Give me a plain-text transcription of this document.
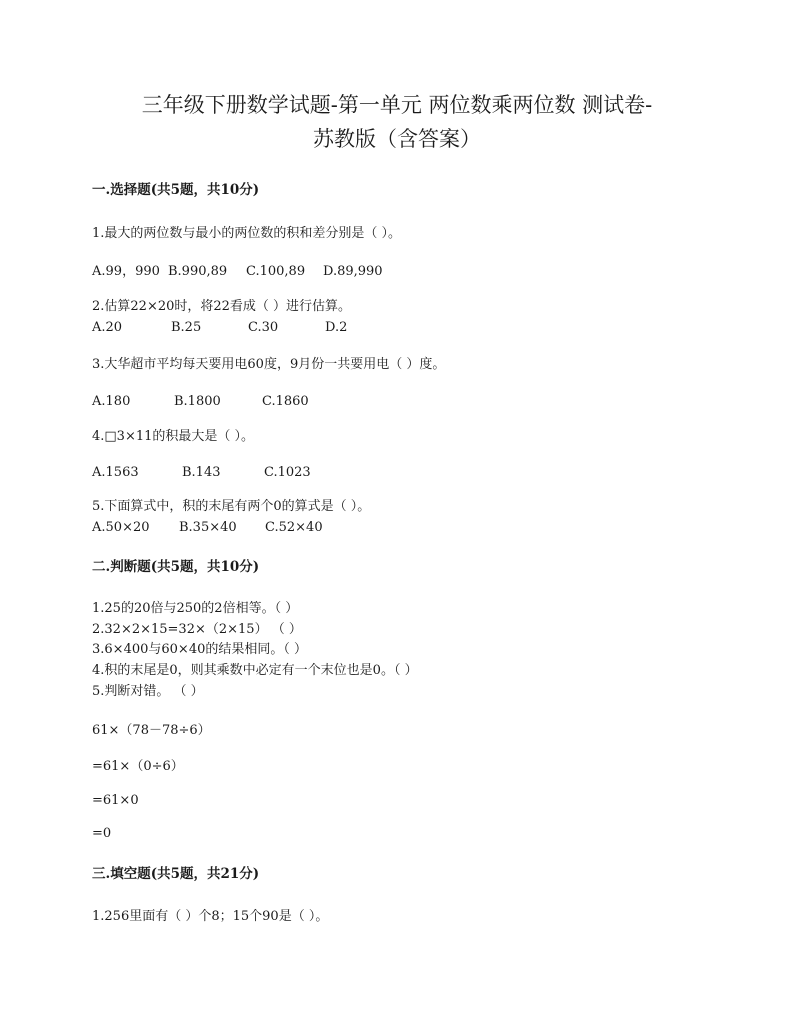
三年级下册数学试题-第一单元 两位数乘两位数 测试卷-
苏教版（含答案）
一.选择题(共5题，共10分)
1.最大的两位数与最小的两位数的积和差分别是（ ）。
A.99，990 B.990,89 C.100,89 D.89,990
2.估算22×20时，将22看成（ ）进行估算。
A.20	B.25	C.30	D.2
3.大华超市平均每天要用电60度，9月份一共要用电（ ）度。
A.180	B.1800	C.1860
4.□3×11的积最大是（ ）。
A.1563	B.143	C.1023
5.下面算式中，积的末尾有两个0的算式是（ ）。
A.50×20 B.35×40 C.52×40
二.判断题(共5题，共10分)
1.25的20倍与250的2倍相等。（ ）
2.32×2×15=32×（2×15） （ ）
3.6×400与60×40的结果相同。（ ）
4.积的末尾是0，则其乘数中必定有一个末位也是0。（ ）
5.判断对错。 （ ）
61×（78－78÷6）
=61×（0÷6）
=61×0
=0
三.填空题(共5题，共21分)
1.256里面有（ ）个8；15个90是（ ）。
